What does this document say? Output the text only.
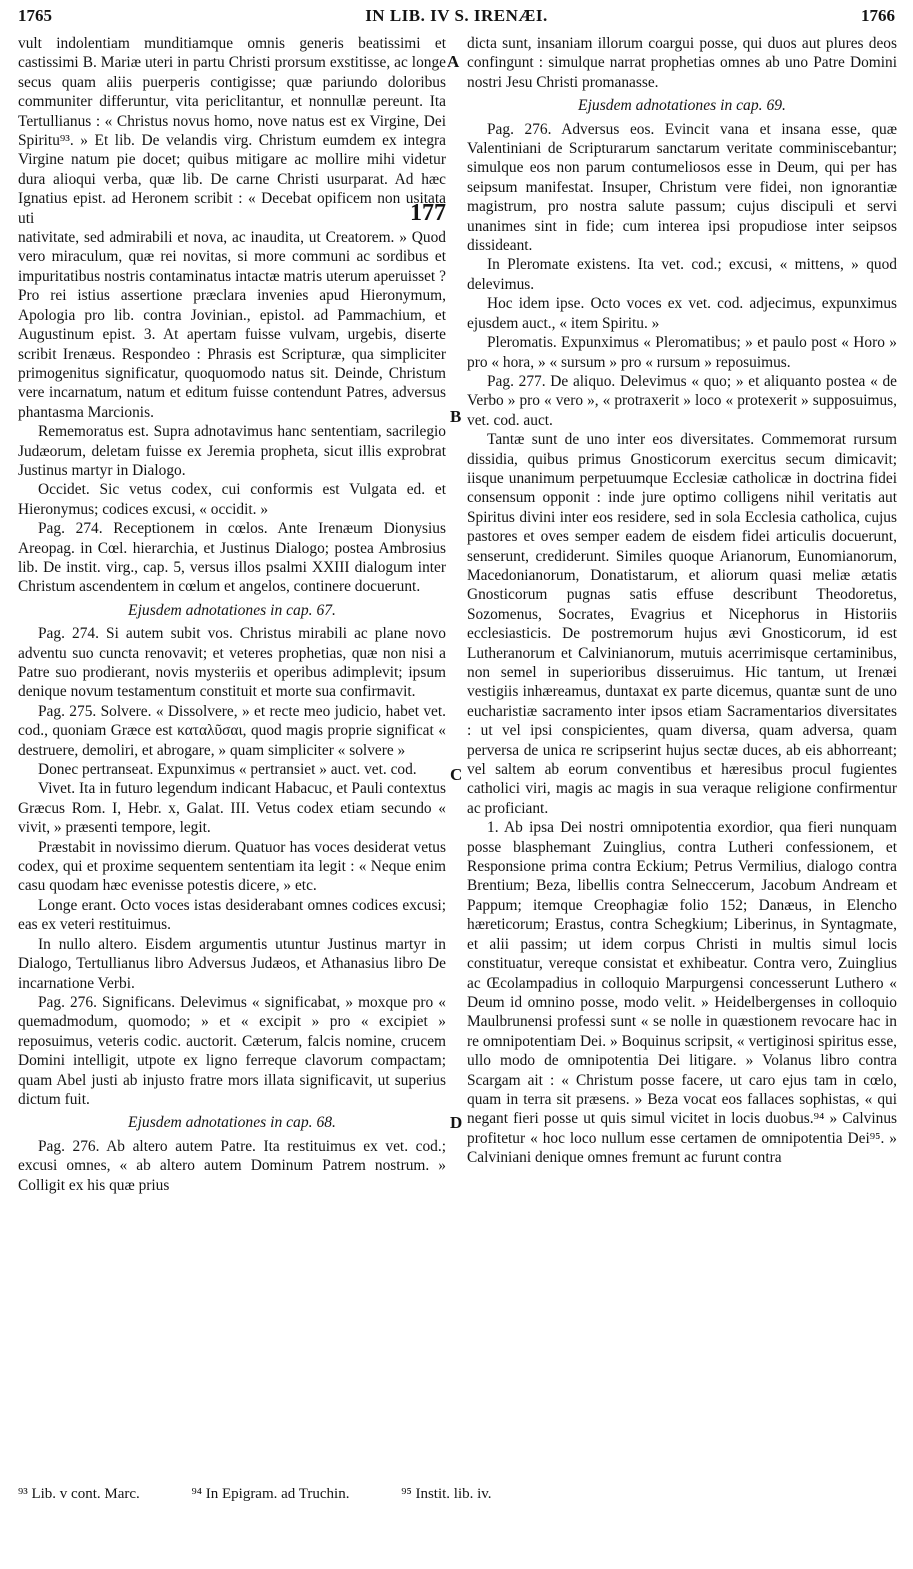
1765	IN LIB. IV S. IRENÆI.	1766
A
B
C
D

vult indolentiam munditiamque omnis generis beatissimi et castissimi B. Mariæ uteri in partu Christi prorsum exstitisse, ac longe secus quam aliis puerperis contigisse; quæ pariundo doloribus communiter differuntur, vita periclitantur, et nonnullæ pereunt. Ita Tertullianus : « Christus novus homo, nove natus est ex Virgine, Dei Spiritu⁹³. » Et lib. De velandis virg. Christum eumdem ex integra Virgine natum pie docet; quibus mitigare ac mollire mihi videtur dura alioqui verba, quæ lib. De carne Christi usurparat. Ad hæc Ignatius epist. ad Heronem scribit : « Decebat opificem non usitata uti	177
nativitate, sed admirabili et nova, ac inaudita, ut Creatorem. » Quod vero miraculum, quæ rei novitas, si more communi ac sordibus et impuritatibus nostris contaminatus intactæ matris uterum aperuisset ? Pro rei istius assertione præclara invenies apud Hieronymum, Apologia pro lib. contra Jovinian., epistol. ad Pammachium, et Augustinum epist. 3. At apertam fuisse vulvam, urgebis, diserte scribit Irenæus. Respondeo : Phrasis est Scripturæ, qua simpliciter primogenitus significatur, quoquomodo natus sit. Deinde, Christum vere incarnatum, natum et editum fuisse contendunt Patres, adversus phantasma Marcionis.

Rememoratus est. Supra adnotavimus hanc sententiam, sacrilegio Judæorum, deletam fuisse ex Jeremia propheta, sicut illis exprobrat Justinus martyr in Dialogo.

Occidet. Sic vetus codex, cui conformis est Vulgata ed. et Hieronymus; codices excusi, « occidit. »

Pag. 274. Receptionem in cœlos. Ante Irenæum Dionysius Areopag. in Cœl. hierarchia, et Justinus Dialogo; postea Ambrosius lib. De instit. virg., cap. 5, versus illos psalmi XXIII dialogum inter Christum ascendentem in cœlum et angelos, continere docuerunt.

Ejusdem adnotationes in cap. 67.

Pag. 274. Si autem subit vos. Christus mirabili ac plane novo adventu suo cuncta renovavit; et veteres prophetias, quæ non nisi a Patre suo prodierant, novis mysteriis et operibus adimplevit; ipsum denique novum testamentum constituit et morte sua confirmavit.

Pag. 275. Solvere. « Dissolvere, » et recte meo judicio, habet vet. cod., quoniam Græce est καταλῦσαι, quod magis proprie significat « destruere, demoliri, et abrogare, » quam simpliciter « solvere »

Donec pertranseat. Expunximus « pertransiet » auct. vet. cod.

Vivet. Ita in futuro legendum indicant Habacuc, et Pauli contextus Græcus Rom. I, Hebr. x, Galat. III. Vetus codex etiam secundo « vivit, » præsenti tempore, legit.

Præstabit in novissimo dierum. Quatuor has voces desiderat vetus codex, qui et proxime sequentem sententiam ita legit : « Neque enim casu quodam hæc evenisse potestis dicere, » etc.

Longe erant. Octo voces istas desiderabant omnes codices excusi; eas ex veteri restituimus.

In nullo altero. Eisdem argumentis utuntur Justinus martyr in Dialogo, Tertullianus libro Adversus Judæos, et Athanasius libro De incarnatione Verbi.

Pag. 276. Significans. Delevimus « significabat, » moxque pro « quemadmodum, quomodo; » et « excipit » pro « excipiet » reposuimus, veteris codic. auctorit. Cæterum, falcis nomine, crucem Domini intelligit, utpote ex ligno ferreque clavorum compactam; quam Abel justi ab injusto fratre mors illata significavit, ut superius dictum fuit.

Ejusdem adnotationes in cap. 68.

Pag. 276. Ab altero autem Patre. Ita restituimus ex vet. cod.; excusi omnes, « ab altero autem Dominum Patrem nostrum. » Colligit ex his quæ prius

dicta sunt, insaniam illorum coargui posse, qui duos aut plures deos confingunt : simulque narrat prophetias omnes ab uno Patre Domini nostri Jesu Christi promanasse.

Ejusdem adnotationes in cap. 69.

Pag. 276. Adversus eos. Evincit vana et insana esse, quæ Valentiniani de Scripturarum sanctarum veritate comminiscebantur; simulque eos non parum contumeliosos esse in Deum, qui per has seipsum manifestat. Insuper, Christum vere fidei, non ignorantiæ magistrum, pro nostra salute passum; cujus discipuli et servi unanimes sint in fide; cum interea ipsi propudiose inter seipsos dissideant.

In Pleromate existens. Ita vet. cod.; excusi, « mittens, » quod delevimus.

Hoc idem ipse. Octo voces ex vet. cod. adjecimus, expunximus ejusdem auct., « item Spiritu. »

Pleromatis. Expunximus « Pleromatibus; » et paulo post « Horo » pro « hora, » « sursum » pro « rursum » reposuimus.

Pag. 277. De aliquo. Delevimus « quo; » et aliquanto postea « de Verbo » pro « vero », « protraxerit » loco « protexerit » supposuimus, vet. cod. auct.

Tantæ sunt de uno inter eos diversitates. Commemorat rursum dissidia, quibus primus Gnosticorum exercitus secum dimicavit; iisque unanimum perpetuumque Ecclesiæ catholicæ in doctrina fidei consensum opponit : inde jure optimo colligens nihil veritatis aut Spiritus divini inter eos residere, sed in sola Ecclesia catholica, cujus pastores et oves semper eadem de eisdem fidei articulis docuerunt, senserunt, crediderunt. Similes quoque Arianorum, Eunomianorum, Macedonianorum, Donatistarum, et aliorum quasi meliæ ætatis Gnosticorum pugnas satis effuse describunt Theodoretus, Sozomenus, Socrates, Evagrius et Nicephorus in Historiis ecclesiasticis. De postremorum hujus ævi Gnosticorum, id est Lutheranorum et Calvinianorum, mutuis acerrimisque certaminibus, non semel in superioribus disseruimus. Hic tantum, ut Irenæi vestigiis inhæreamus, duntaxat ex parte dicemus, quantæ sunt de uno eucharistiæ sacramento inter ipsos etiam Sacramentarios diversitates : ut vel ipsi conspicientes, quam diversa, quam adversa, quam perversa de unica re scripserint hujus sectæ duces, ab eis abhorreant; vel saltem ab eorum conventibus et hæresibus procul fugientes catholici viri, magis ac magis in sua veraque religione confirmentur ac proficiant.

1. Ab ipsa Dei nostri omnipotentia exordior, qua fieri nunquam posse blasphemant Zuinglius, contra Lutheri confessionem, et Responsione prima contra Eckium; Petrus Vermilius, dialogo contra Brentium; Beza, libellis contra Selneccerum, Jacobum Andream et Pappum; itemque Creophagiæ folio 152; Danæus, in Elencho hæreticorum; Erastus, contra Schegkium; Liberinus, in Syntagmate, et alii passim; ut idem corpus Christi in multis simul locis constituatur, vereque consistat et exhibeatur. Contra vero, Zuinglius ac Œcolampadius in colloquio Marpurgensi concesserunt Luthero « Deum id omnino posse, modo velit. » Heidelbergenses in colloquio Maulbrunensi professi sunt « se nolle in quæstionem revocare hac in re omnipotentiam Dei. » Boquinus scripsit, « vertiginosi spiritus esse, ullo modo de omnipotentia Dei litigare. » Volanus libro contra Scargam ait : « Christum posse facere, ut caro ejus tam in cœlo, quam in terra sit præsens. » Beza vocat eos fallaces sophistas, « qui negant fieri posse ut quis simul vicitet in locis duobus.⁹⁴ » Calvinus profitetur « hoc loco nullum esse certamen de omnipotentia Dei⁹⁵. » Calviniani denique omnes fremunt ac furunt contra

⁹³ Lib. v cont. Marc.	⁹⁴ In Epigram. ad Truchin.	⁹⁵ Instit. lib. iv.
